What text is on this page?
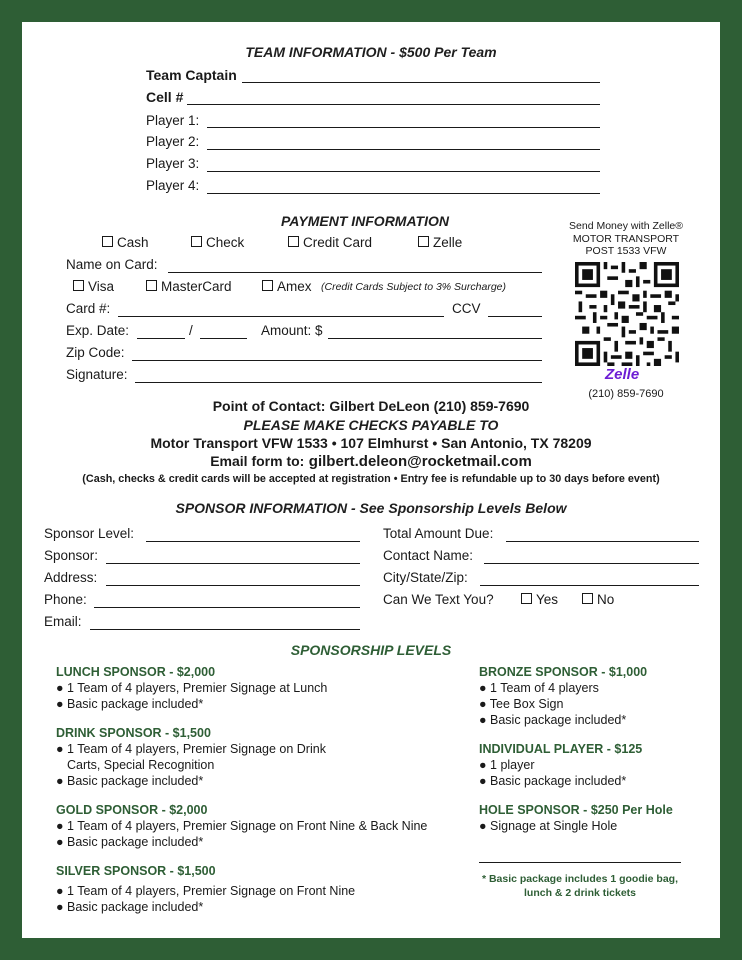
TEAM INFORMATION - $500 Per Team
Team Captain
Cell #
Player 1:
Player 2:
Player 3:
Player 4:
PAYMENT INFORMATION
Cash	Check	Credit Card	Zelle
Name on Card:
Visa	MasterCard	Amex (Credit Cards Subject to 3% Surcharge)
Card #:	CCV
Exp. Date:	/	Amount: $
Zip Code:
Signature:
Send Money with Zelle®
MOTOR TRANSPORT
POST 1533 VFW
Zelle
(210) 859-7690
Point of Contact: Gilbert DeLeon (210) 859-7690
PLEASE MAKE CHECKS PAYABLE TO
Motor Transport VFW 1533 • 107 Elmhurst • San Antonio, TX 78209
Email form to: gilbert.deleon@rocketmail.com
(Cash, checks & credit cards will be accepted at registration • Entry fee is refundable up to 30 days before event)
SPONSOR INFORMATION - See Sponsorship Levels Below
Sponsor Level:
Sponsor:
Address:
Phone:
Email:
Total Amount Due:
Contact Name:
City/State/Zip:
Can We Text You?	Yes	No
SPONSORSHIP LEVELS
LUNCH SPONSOR - $2,000
● 1 Team of 4 players, Premier Signage at Lunch
● Basic package included*
DRINK SPONSOR - $1,500
● 1 Team of 4 players, Premier Signage on Drink
Carts, Special Recognition
● Basic package included*
GOLD SPONSOR - $2,000
● 1 Team of 4 players, Premier Signage on Front Nine & Back Nine
● Basic package included*
SILVER SPONSOR - $1,500
● 1 Team of 4 players, Premier Signage on Front Nine
● Basic package included*
BRONZE SPONSOR - $1,000
● 1 Team of 4 players
● Tee Box Sign
● Basic package included*
INDIVIDUAL PLAYER - $125
● 1 player
● Basic package included*
HOLE SPONSOR - $250 Per Hole
● Signage at Single Hole
* Basic package includes 1 goodie bag,
lunch & 2 drink tickets
